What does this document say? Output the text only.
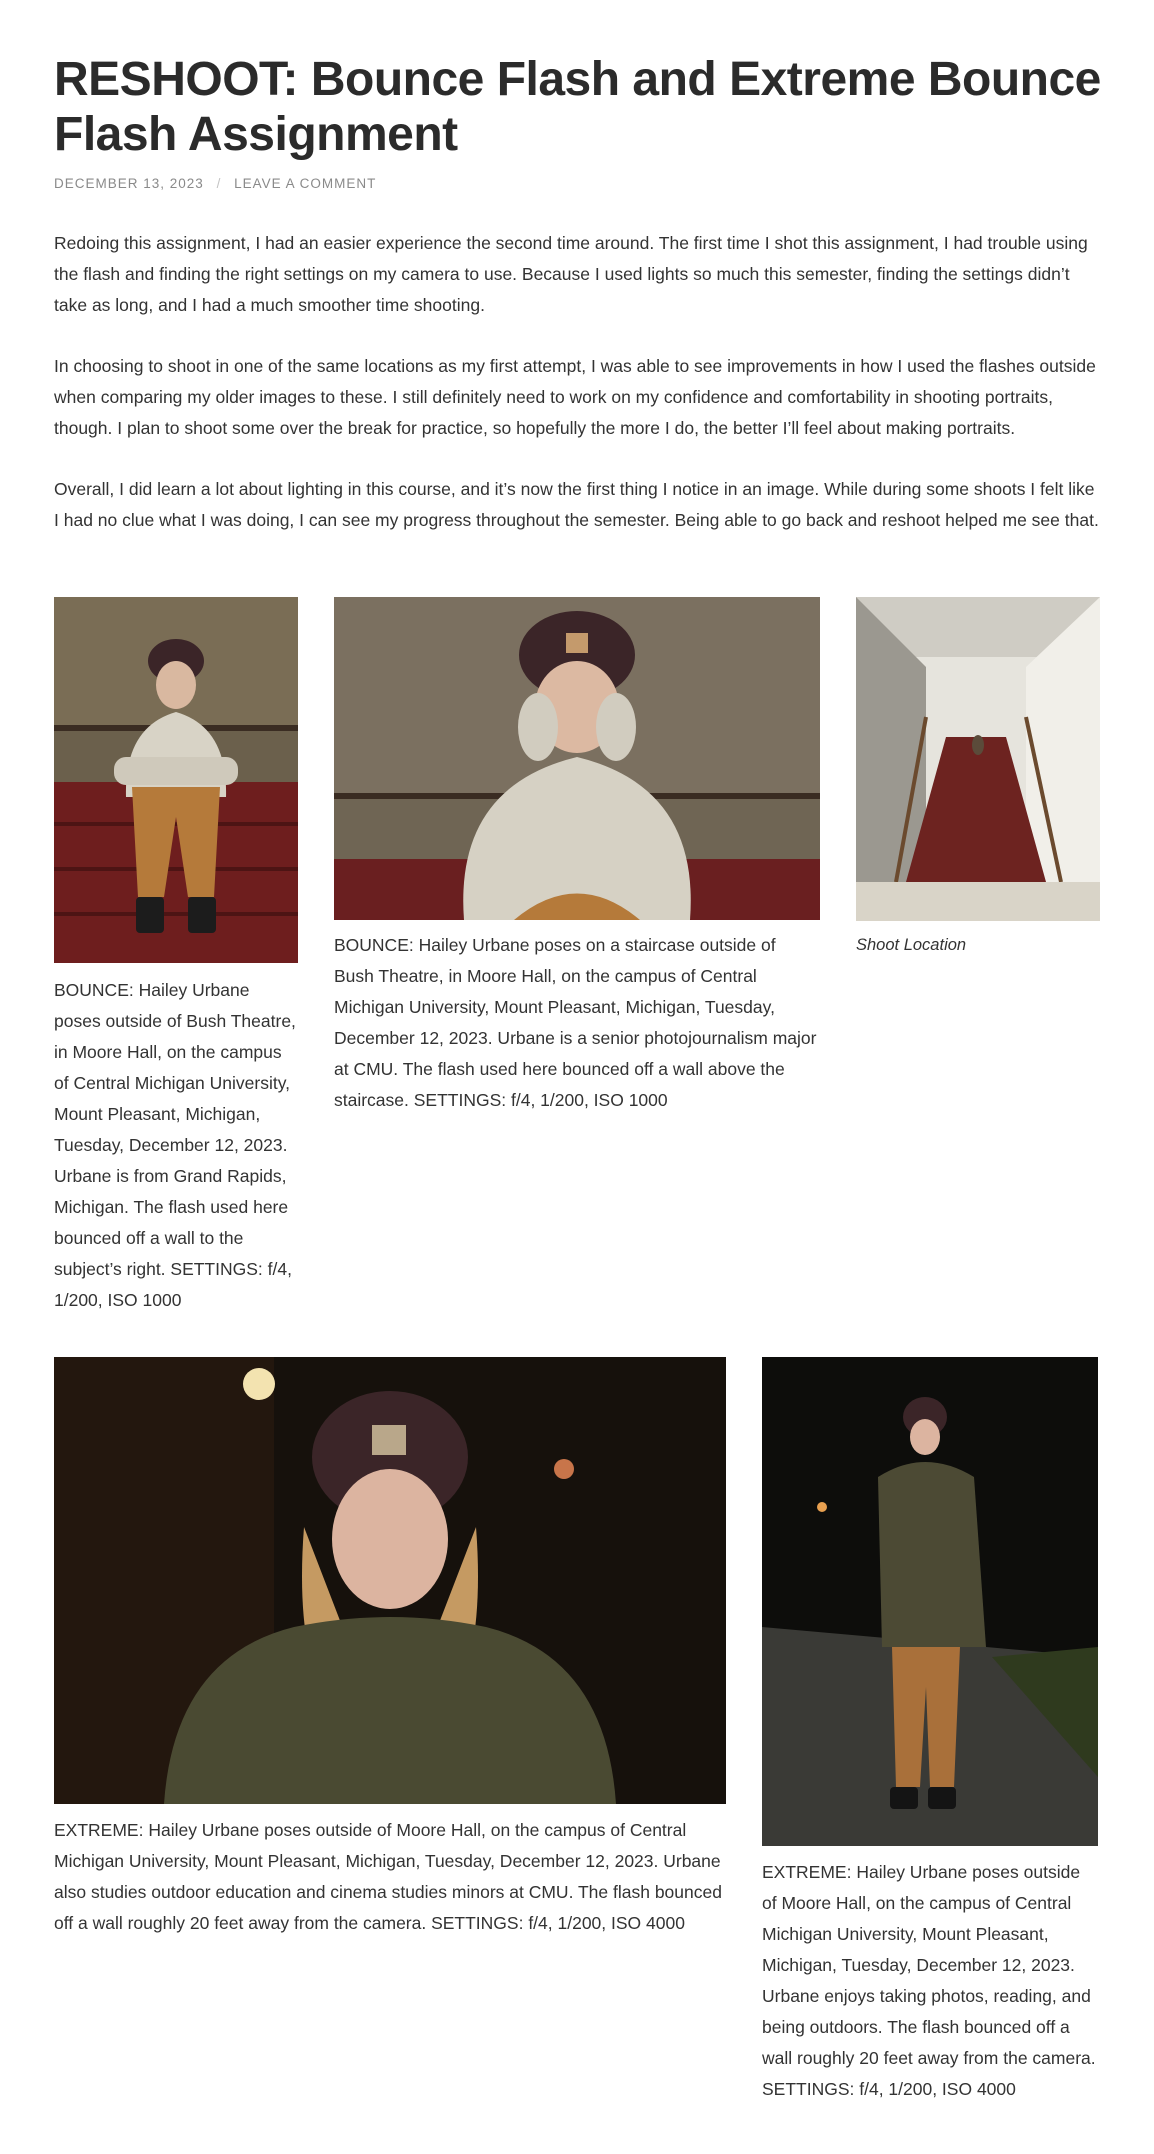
RESHOOT: Bounce Flash and Extreme Bounce Flash Assignment
DECEMBER 13, 2023 / LEAVE A COMMENT

Redoing this assignment, I had an easier experience the second time around. The first time I shot this assignment, I had trouble using the flash and finding the right settings on my camera to use. Because I used lights so much this semester, finding the settings didn’t take as long, and I had a much smoother time shooting.

In choosing to shoot in one of the same locations as my first attempt, I was able to see improvements in how I used the flashes outside when comparing my older images to these. I still definitely need to work on my confidence and comfortability in shooting portraits, though. I plan to shoot some over the break for practice, so hopefully the more I do, the better I’ll feel about making portraits.

Overall, I did learn a lot about lighting in this course, and it’s now the first thing I notice in an image. While during some shoots I felt like I had no clue what I was doing, I can see my progress throughout the semester. Being able to go back and reshoot helped me see that.

BOUNCE: Hailey Urbane poses outside of Bush Theatre, in Moore Hall, on the campus of Central Michigan University, Mount Pleasant, Michigan, Tuesday, December 12, 2023. Urbane is from Grand Rapids, Michigan. The flash used here bounced off a wall to the subject’s right. SETTINGS: f/4, 1/200, ISO 1000

BOUNCE: Hailey Urbane poses on a staircase outside of Bush Theatre, in Moore Hall, on the campus of Central Michigan University, Mount Pleasant, Michigan, Tuesday, December 12, 2023. Urbane is a senior photojournalism major at CMU. The flash used here bounced off a wall above the staircase. SETTINGS: f/4, 1/200, ISO 1000

Shoot Location

EXTREME: Hailey Urbane poses outside of Moore Hall, on the campus of Central Michigan University, Mount Pleasant, Michigan, Tuesday, December 12, 2023. Urbane also studies outdoor education and cinema studies minors at CMU. The flash bounced off a wall roughly 20 feet away from the camera. SETTINGS: f/4, 1/200, ISO 4000

EXTREME: Hailey Urbane poses outside of Moore Hall, on the campus of Central Michigan University, Mount Pleasant, Michigan, Tuesday, December 12, 2023. Urbane enjoys taking photos, reading, and being outdoors. The flash bounced off a wall roughly 20 feet away from the camera. SETTINGS: f/4, 1/200, ISO 4000
